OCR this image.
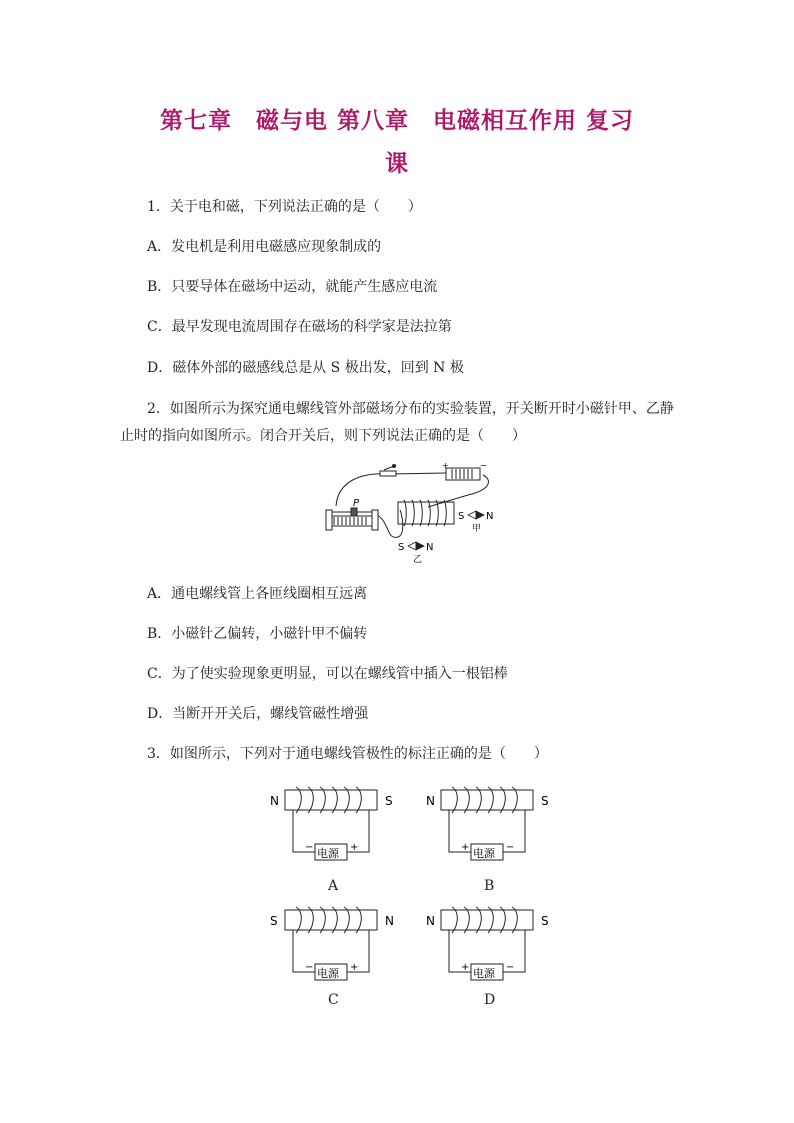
第七章　磁与电 第八章　电磁相互作用 复习
课
1．关于电和磁，下列说法正确的是（　　）
A．发电机是利用电磁感应现象制成的
B．只要导体在磁场中运动，就能产生感应电流
C．最早发现电流周围存在磁场的科学家是法拉第
D．磁体外部的磁感线总是从 S 极出发，回到 N 极
2．如图所示为探究通电螺线管外部磁场分布的实验装置，开关断开时小磁针甲、乙静
止时的指向如图所示。闭合开关后，则下列说法正确的是（　　）
+	−
P
S N
甲
S N
乙
A．通电螺线管上各匝线圈相互远离
B．小磁针乙偏转，小磁针甲不偏转
C．为了使实验现象更明显，可以在螺线管中插入一根铝棒
D．当断开开关后，螺线管磁性增强
3．如图所示，下列对于通电螺线管极性的标注正确的是（　　）
电源
N	S
−	+
A
电源
N	S
+	−
B
电源
S	N
−	+
C
电源
N	S
+	−
D
